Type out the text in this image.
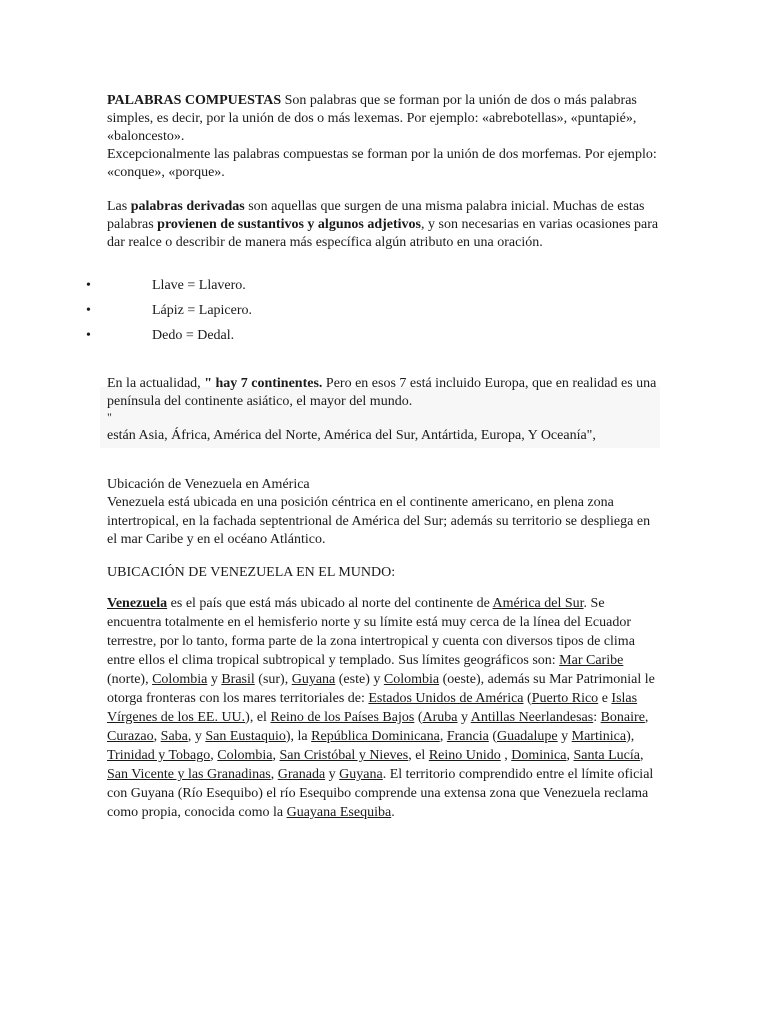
PALABRAS COMPUESTAS Son palabras que se forman por la unión de dos o más palabras simples, es decir, por la unión de dos o más lexemas. Por ejemplo: «abrebotellas», «puntapié», «baloncesto».

Excepcionalmente las palabras compuestas se forman por la unión de dos morfemas. Por ejemplo: «conque», «porque».

Las palabras derivadas son aquellas que surgen de una misma palabra inicial. Muchas de estas palabras provienen de sustantivos y algunos adjetivos, y son necesarias en varias ocasiones para dar realce o describir de manera más específica algún atributo en una oración.

•	Llave = Llavero.
•	Lápiz = Lapicero.
•	Dedo = Dedal.

En la actualidad, " hay 7 continentes. Pero en esos 7 está incluido Europa, que en realidad es una península del continente asiático, el mayor del mundo.

"

están Asia, África, América del Norte, América del Sur, Antártida, Europa, Y Oceanía",

Ubicación de Venezuela en América

Venezuela está ubicada en una posición céntrica en el continente americano, en plena zona intertropical, en la fachada septentrional de América del Sur; además su territorio se despliega en el mar Caribe y en el océano Atlántico.

UBICACIÓN DE VENEZUELA EN EL MUNDO:

Venezuela es el país que está más ubicado al norte del continente de América del Sur. Se encuentra totalmente en el hemisferio norte y su límite está muy cerca de la línea del Ecuador terrestre, por lo tanto, forma parte de la zona intertropical y cuenta con diversos tipos de clima entre ellos el clima tropical subtropical y templado. Sus límites geográficos son: Mar Caribe (norte), Colombia y Brasil (sur), Guyana (este) y Colombia (oeste), además su Mar Patrimonial le otorga fronteras con los mares territoriales de: Estados Unidos de América (Puerto Rico e Islas Vírgenes de los EE. UU.), el Reino de los Países Bajos (Aruba y Antillas Neerlandesas: Bonaire, Curazao, Saba, y San Eustaquio), la República Dominicana, Francia (Guadalupe y Martinica), Trinidad y Tobago, Colombia, San Cristóbal y Nieves, el Reino Unido , Dominica, Santa Lucía, San Vicente y las Granadinas, Granada y Guyana. El territorio comprendido entre el límite oficial con Guyana (Río Esequibo) el río Esequibo comprende una extensa zona que Venezuela reclama como propia, conocida como la Guayana Esequiba.
